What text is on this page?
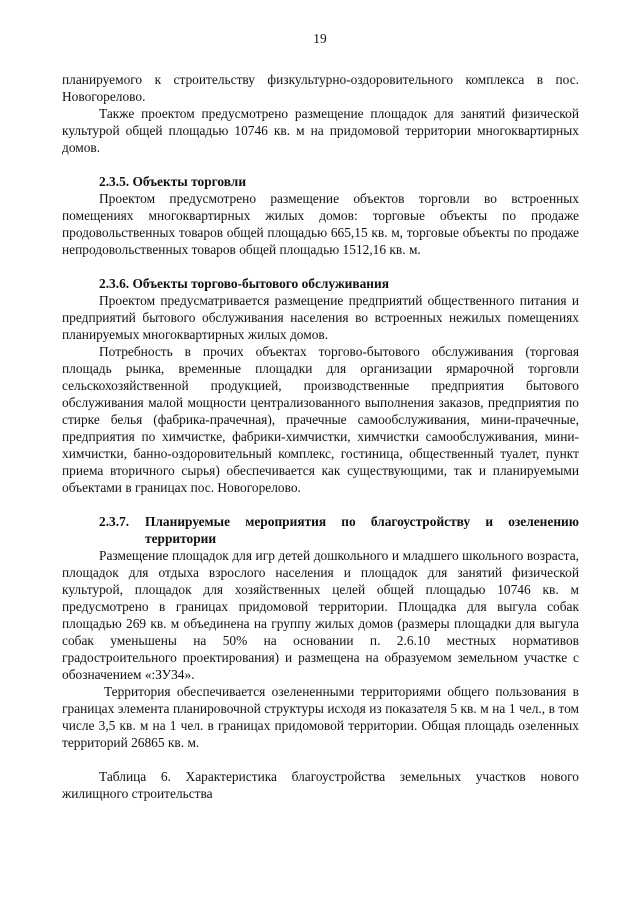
19

планируемого к строительству физкультурно-оздоровительного комплекса в пос. Новогорелово.

Также проектом предусмотрено размещение площадок для занятий физической культурой общей площадью 10746 кв. м на придомовой территории многоквартирных домов.

2.3.5. Объекты торговли

Проектом предусмотрено размещение объектов торговли во встроенных помещениях многоквартирных жилых домов: торговые объекты по продаже продовольственных товаров общей площадью 665,15 кв. м, торговые объекты по продаже непродовольственных товаров общей площадью 1512,16 кв. м.

2.3.6. Объекты торгово-бытового обслуживания

Проектом предусматривается размещение предприятий общественного питания и предприятий бытового обслуживания населения во встроенных нежилых помещениях планируемых многоквартирных жилых домов.

Потребность в прочих объектах торгово-бытового обслуживания (торговая площадь рынка, временные площадки для организации ярмарочной торговли сельскохозяйственной продукцией, производственные предприятия бытового обслуживания малой мощности централизованного выполнения заказов, предприятия по стирке белья (фабрика-прачечная), прачечные самообслуживания, мини-прачечные, предприятия по химчистке, фабрики-химчистки, химчистки самообслуживания, мини-химчистки, банно-оздоровительный комплекс, гостиница, общественный туалет, пункт приема вторичного сырья) обеспечивается как существующими, так и планируемыми объектами в границах пос. Новогорелово.

2.3.7.	Планируемые мероприятия по благоустройству и озеленению территории

Размещение площадок для игр детей дошкольного и младшего школьного возраста, площадок для отдыха взрослого населения и площадок для занятий физической культурой, площадок для хозяйственных целей общей площадью 10746 кв. м предусмотрено в границах придомовой территории. Площадка для выгула собак площадью 269 кв. м объединена на группу жилых домов (размеры площадки для выгула собак уменьшены на 50% на основании п. 2.6.10 местных нормативов градостроительного проектирования) и размещена на образуемом земельном участке с обозначением «:ЗУ34».

Территория обеспечивается озелененными территориями общего пользования в границах элемента планировочной структуры исходя из показателя 5 кв. м на 1 чел., в том числе 3,5 кв. м на 1 чел. в границах придомовой территории. Общая площадь озеленных территорий 26865 кв. м.

Таблица 6. Характеристика благоустройства земельных участков нового жилищного строительства
